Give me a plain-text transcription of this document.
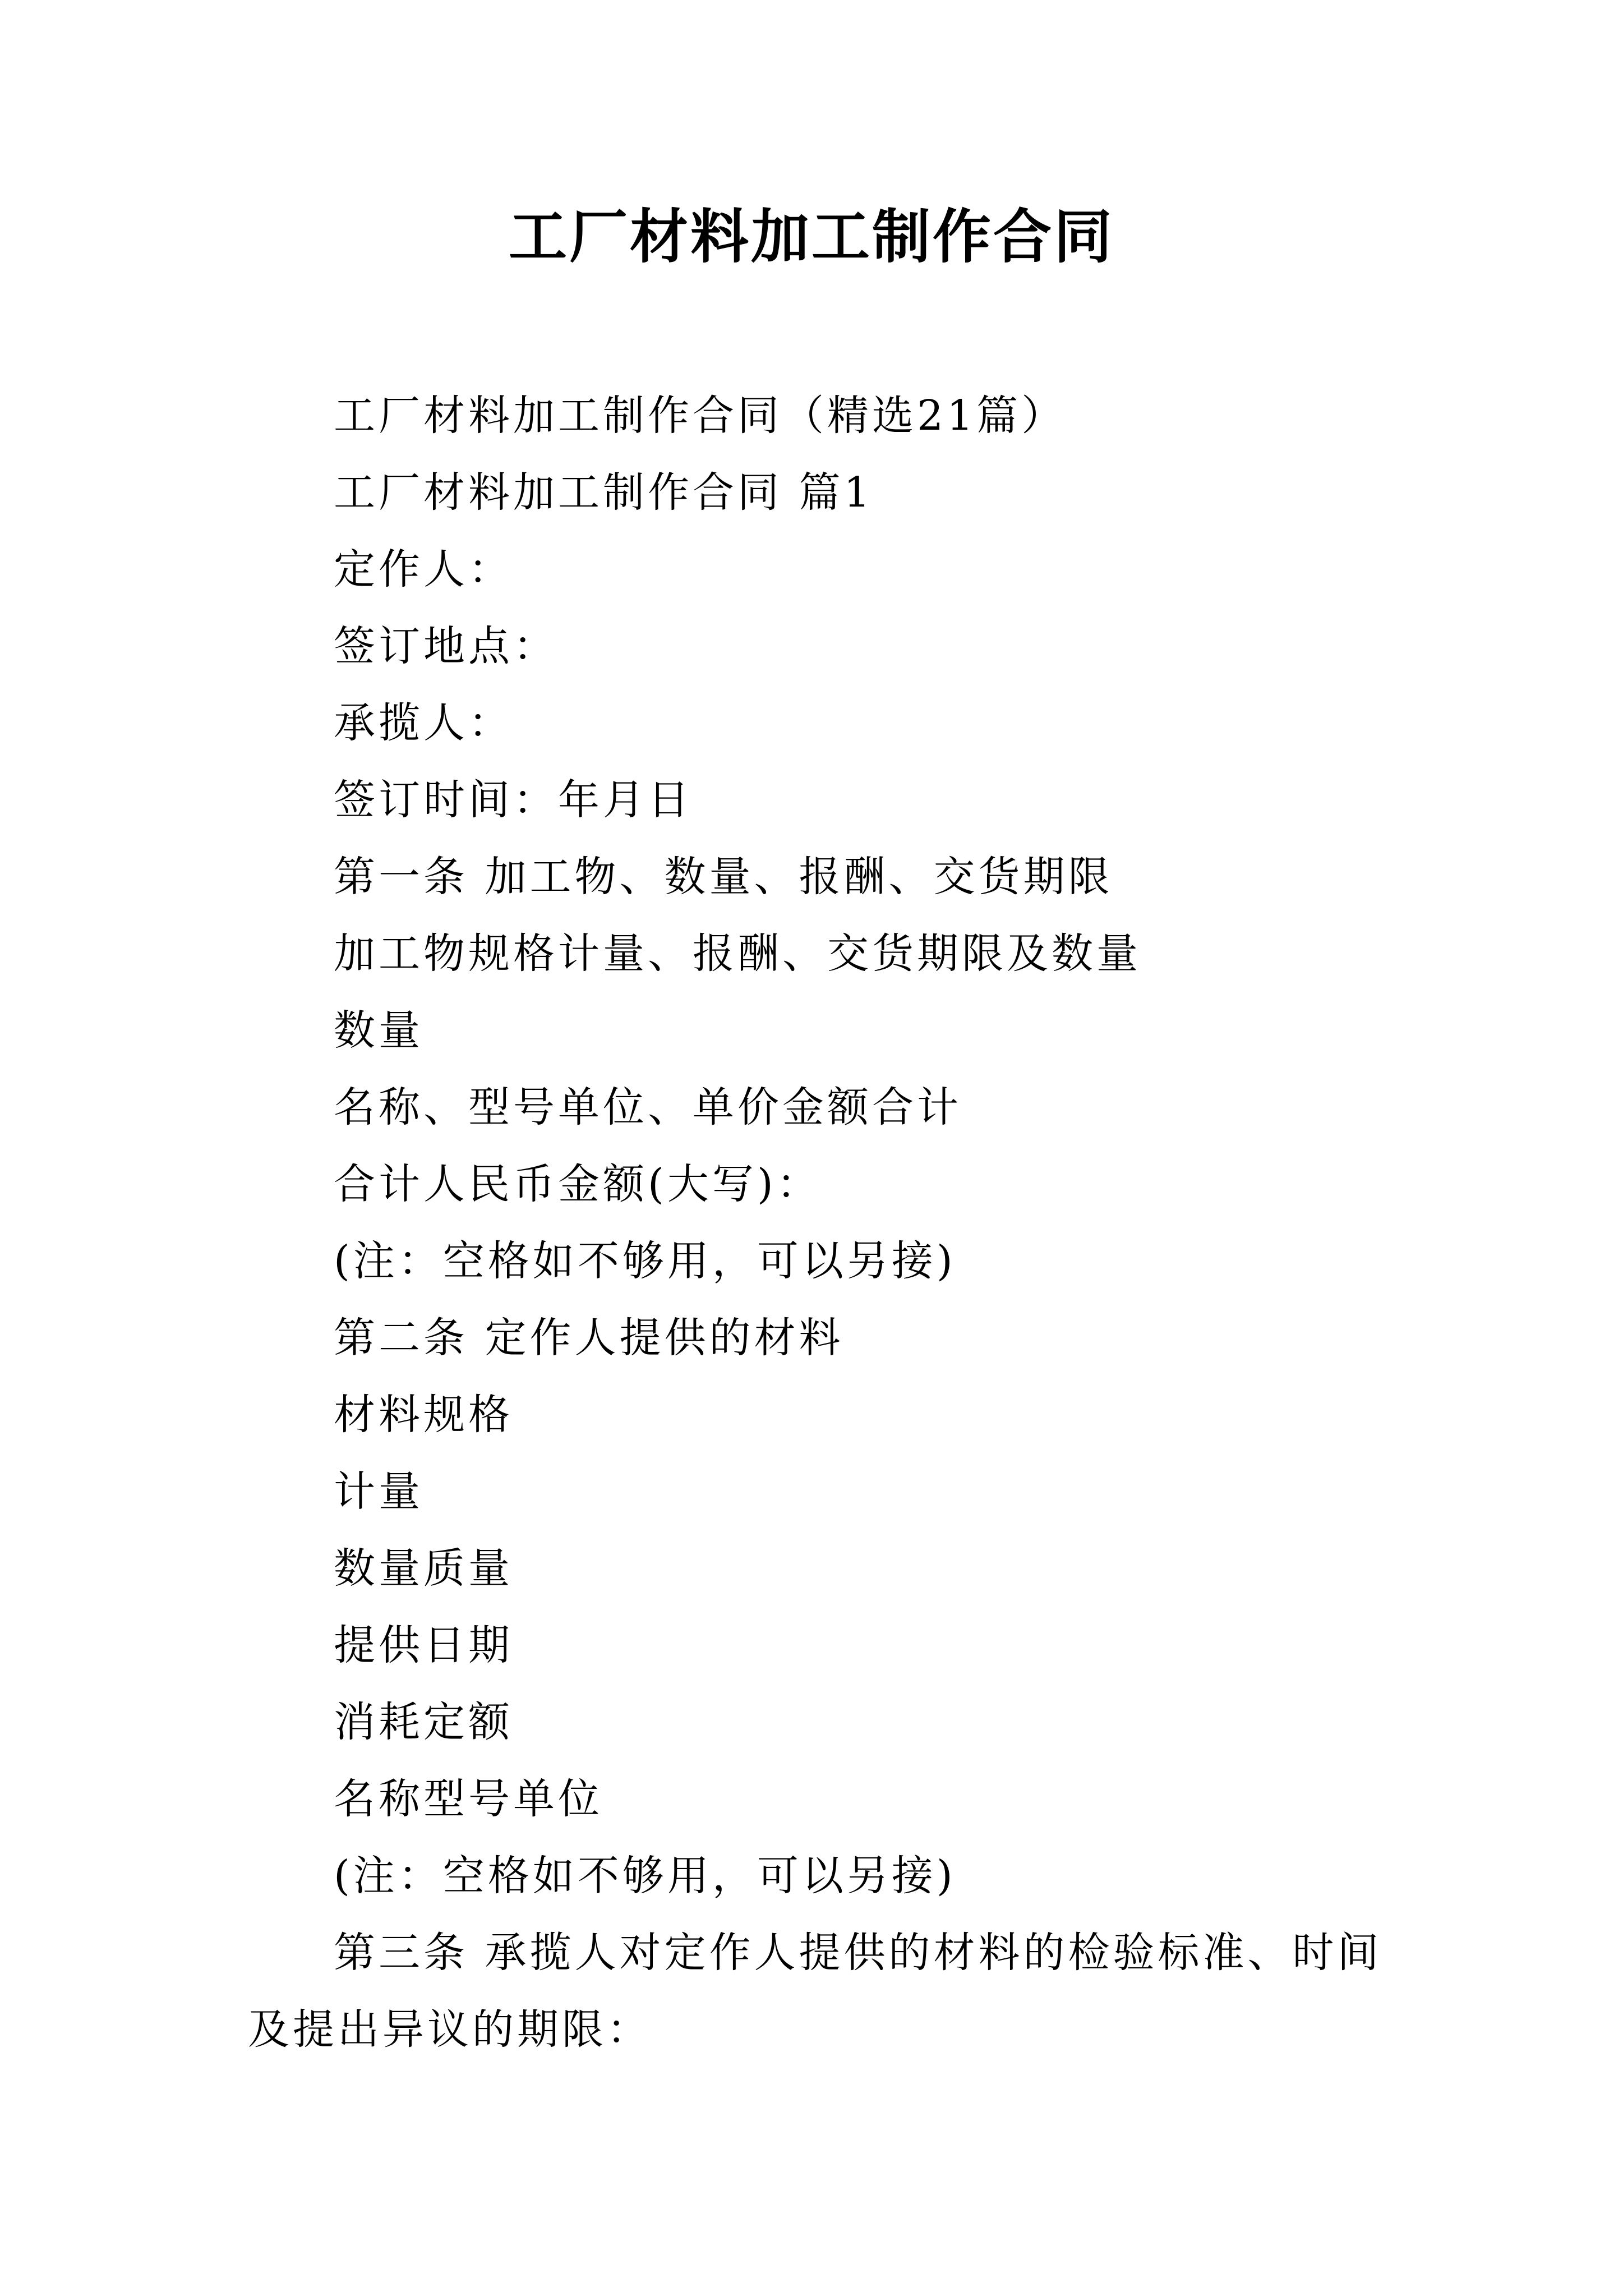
工厂材料加工制作合同
工厂材料加工制作合同（精选21篇）
工厂材料加工制作合同 篇1
定作人：
签订地点：
承揽人：
签订时间：年月日
第一条 加工物、数量、报酬、交货期限
加工物规格计量、报酬、交货期限及数量
数量
名称、型号单位、单价金额合计
合计人民币金额(大写)：
(注：空格如不够用，可以另接)
第二条 定作人提供的材料
材料规格
计量
数量质量
提供日期
消耗定额
名称型号单位
(注：空格如不够用，可以另接)
第三条 承揽人对定作人提供的材料的检验标准、时间
及提出异议的期限：
